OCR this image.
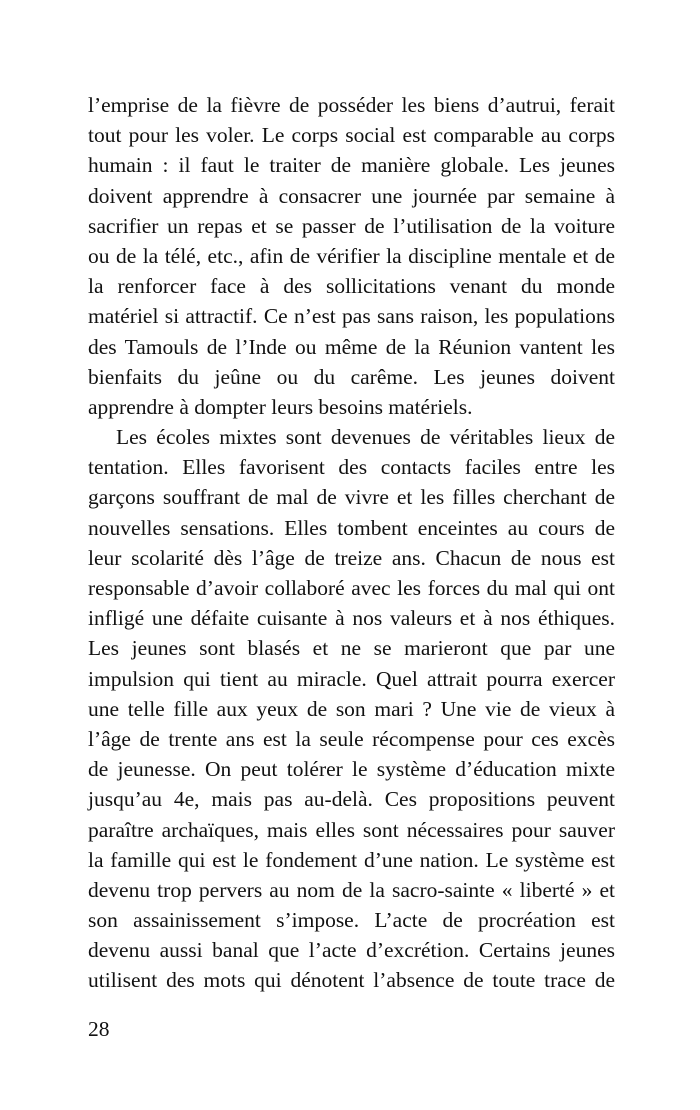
l’emprise de la fièvre de posséder les biens d’autrui, ferait
tout pour les voler. Le corps social est comparable au corps
humain : il faut le traiter de manière globale. Les jeunes
doivent apprendre à consacrer une journée par semaine à
sacrifier un repas et se passer de l’utilisation de la voiture
ou de la télé, etc., afin de vérifier la discipline mentale et de
la renforcer face à des sollicitations venant du monde
matériel si attractif. Ce n’est pas sans raison, les populations
des Tamouls de l’Inde ou même de la Réunion vantent les
bienfaits du jeûne ou du carême. Les jeunes doivent
apprendre à dompter leurs besoins matériels.
Les écoles mixtes sont devenues de véritables lieux de
tentation. Elles favorisent des contacts faciles entre les
garçons souffrant de mal de vivre et les filles cherchant de
nouvelles sensations. Elles tombent enceintes au cours de
leur scolarité dès l’âge de treize ans. Chacun de nous est
responsable d’avoir collaboré avec les forces du mal qui ont
infligé une défaite cuisante à nos valeurs et à nos éthiques.
Les jeunes sont blasés et ne se marieront que par une
impulsion qui tient au miracle. Quel attrait pourra exercer
une telle fille aux yeux de son mari ? Une vie de vieux à
l’âge de trente ans est la seule récompense pour ces excès
de jeunesse. On peut tolérer le système d’éducation mixte
jusqu’au 4e, mais pas au-delà. Ces propositions peuvent
paraître archaïques, mais elles sont nécessaires pour sauver
la famille qui est le fondement d’une nation. Le système est
devenu trop pervers au nom de la sacro-sainte « liberté » et
son assainissement s’impose. L’acte de procréation est
devenu aussi banal que l’acte d’excrétion. Certains jeunes
utilisent des mots qui dénotent l’absence de toute trace de
28
